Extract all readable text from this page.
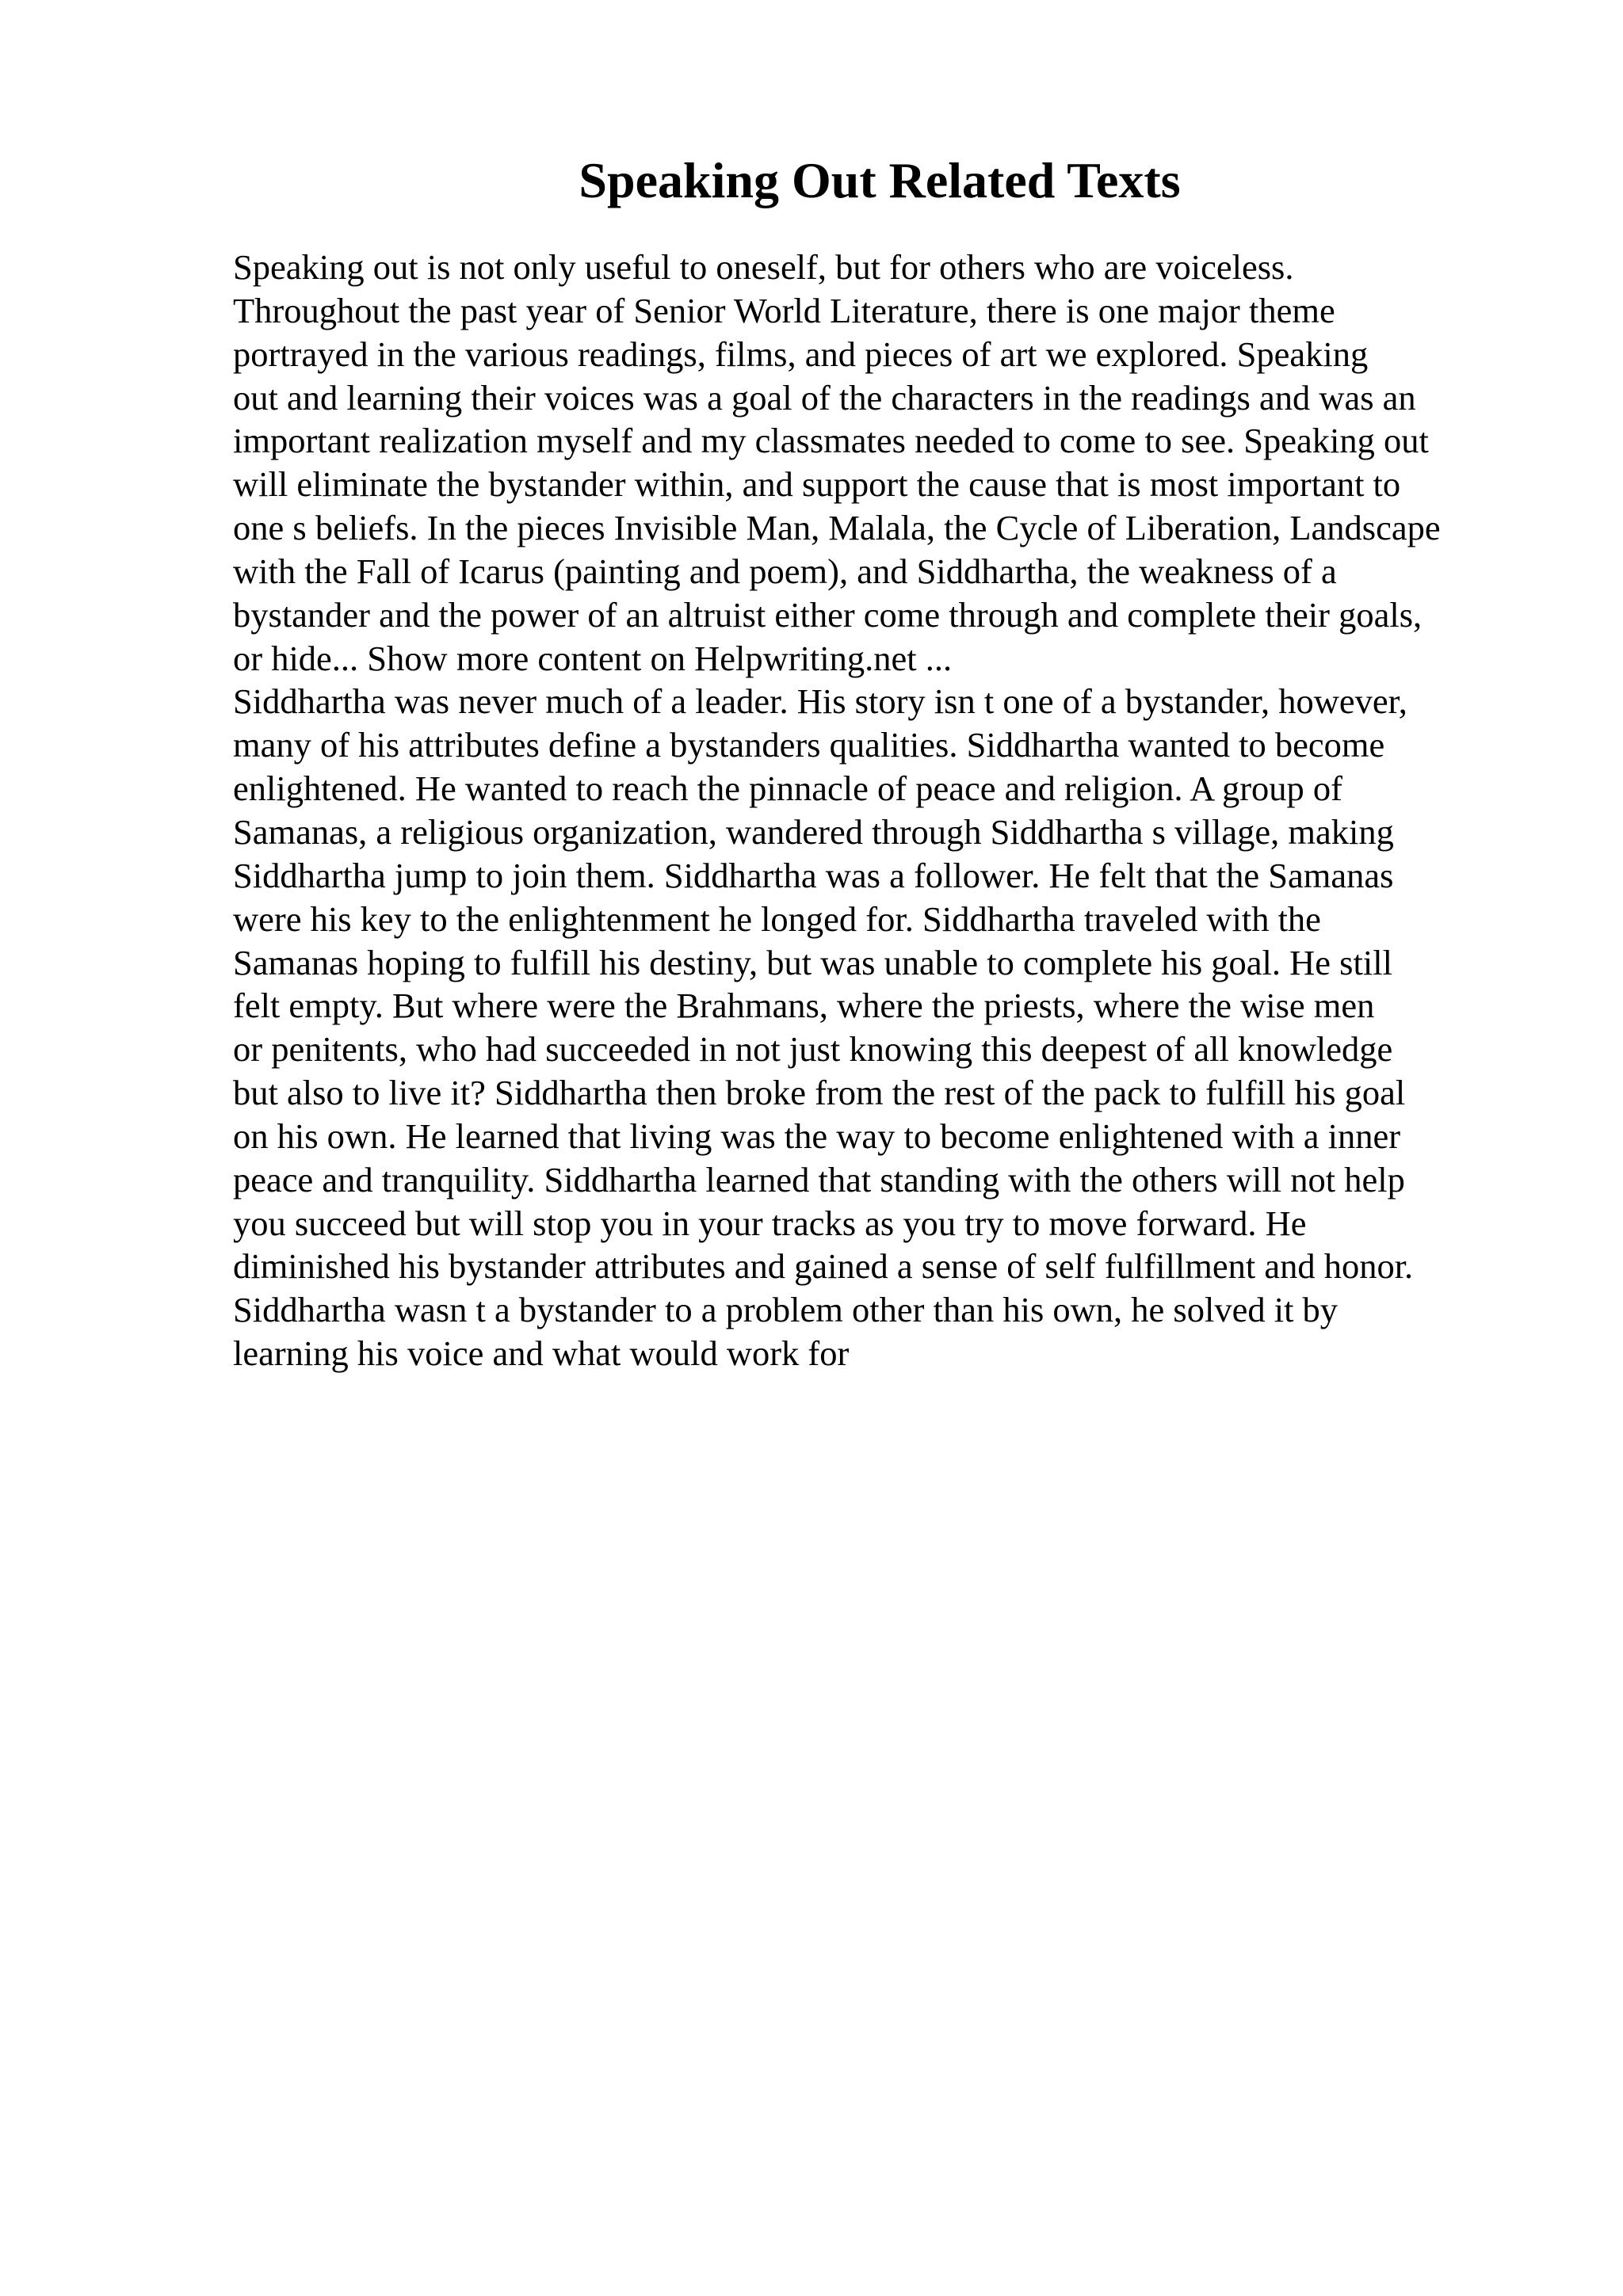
Speaking Out Related Texts
Speaking out is not only useful to oneself, but for others who are voiceless.
Throughout the past year of Senior World Literature, there is one major theme
portrayed in the various readings, films, and pieces of art we explored. Speaking
out and learning their voices was a goal of the characters in the readings and was an
important realization myself and my classmates needed to come to see. Speaking out
will eliminate the bystander within, and support the cause that is most important to
one s beliefs. In the pieces Invisible Man, Malala, the Cycle of Liberation, Landscape
with the Fall of Icarus (painting and poem), and Siddhartha, the weakness of a
bystander and the power of an altruist either come through and complete their goals,
or hide... Show more content on Helpwriting.net ...
Siddhartha was never much of a leader. His story isn t one of a bystander, however,
many of his attributes define a bystanders qualities. Siddhartha wanted to become
enlightened. He wanted to reach the pinnacle of peace and religion. A group of
Samanas, a religious organization, wandered through Siddhartha s village, making
Siddhartha jump to join them. Siddhartha was a follower. He felt that the Samanas
were his key to the enlightenment he longed for. Siddhartha traveled with the
Samanas hoping to fulfill his destiny, but was unable to complete his goal. He still
felt empty. But where were the Brahmans, where the priests, where the wise men
or penitents, who had succeeded in not just knowing this deepest of all knowledge
but also to live it? Siddhartha then broke from the rest of the pack to fulfill his goal
on his own. He learned that living was the way to become enlightened with a inner
peace and tranquility. Siddhartha learned that standing with the others will not help
you succeed but will stop you in your tracks as you try to move forward. He
diminished his bystander attributes and gained a sense of self fulfillment and honor.
Siddhartha wasn t a bystander to a problem other than his own, he solved it by
learning his voice and what would work for
